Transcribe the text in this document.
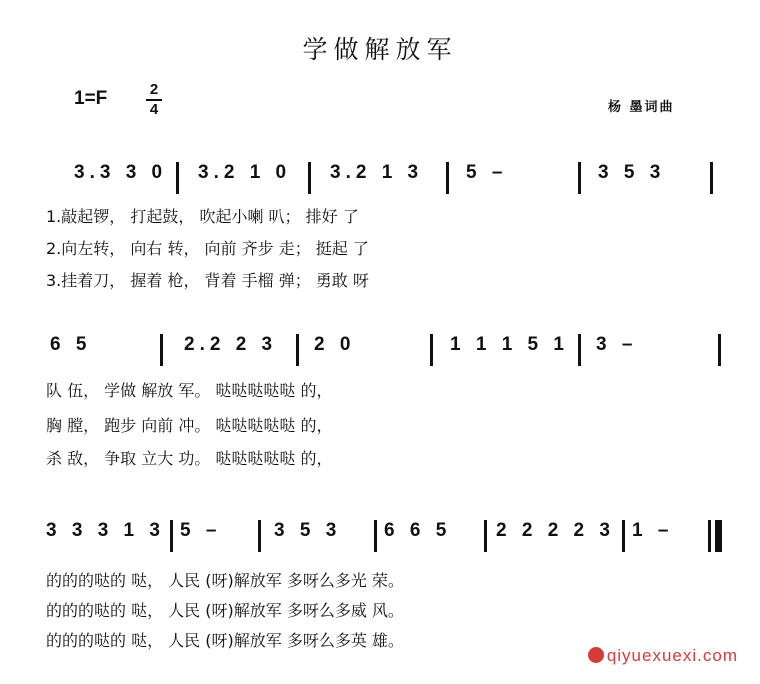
学做解放军
1=F	2
4	杨 墨词曲
3.3 3 0 3.2 1 0 3.2 1 3 5 –	3 5 3
1.敲起锣， 打起鼓， 吹起小喇 叭； 排好 了
2.向左转， 向右 转， 向前 齐步 走； 挺起 了
3.挂着刀， 握着 枪， 背着 手榴 弹； 勇敢 呀
6 5	2.2 2 3 2 0	1 1 1 5 1 3 –
队 伍， 学做 解放 军。 哒哒哒哒哒 的，
胸 膛， 跑步 向前 冲。 哒哒哒哒哒 的，
杀 敌， 争取 立大 功。 哒哒哒哒哒 的，
3 3 3 1 3 5 –	3 5 3 6 6 5 2 2 2 2 3 1 –
的的的哒的 哒， 人民 (呀)解放军 多呀么多光 荣。
的的的哒的 哒， 人民 (呀)解放军 多呀么多威 风。
的的的哒的 哒， 人民 (呀)解放军 多呀么多英 雄。
qiyuexuexi.com
